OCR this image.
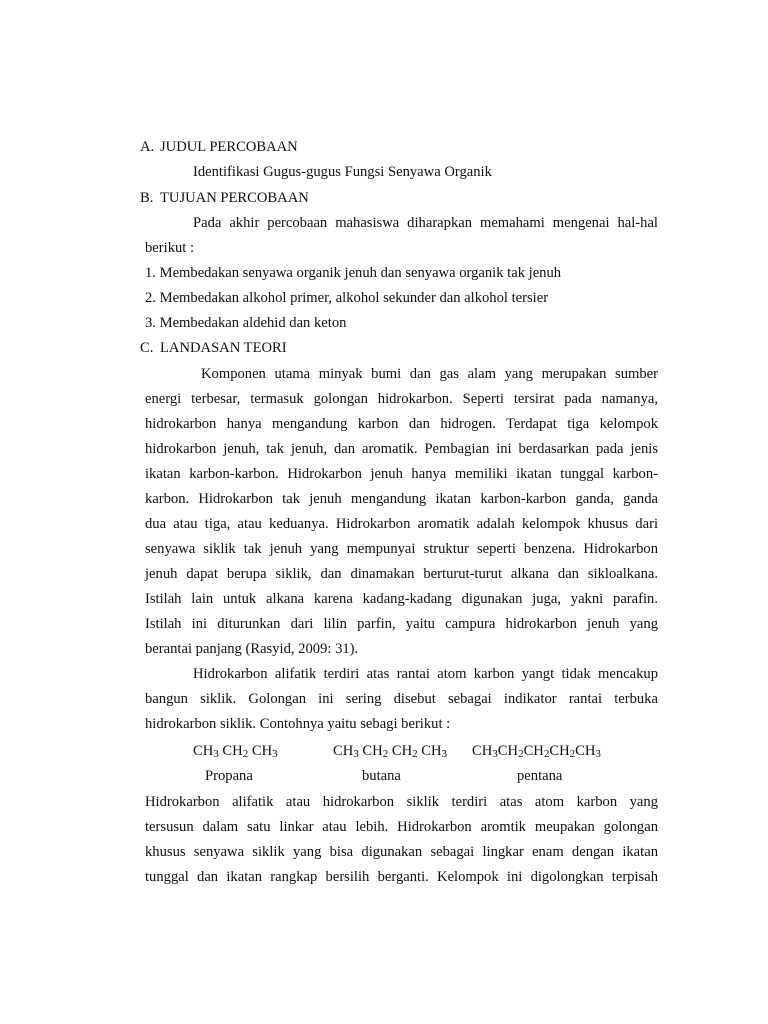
A. JUDUL PERCOBAAN
Identifikasi Gugus-gugus Fungsi Senyawa Organik
B. TUJUAN PERCOBAAN
Pada akhir percobaan mahasiswa diharapkan memahami mengenai hal-hal
berikut :
1. Membedakan senyawa organik jenuh dan senyawa organik tak jenuh
2. Membedakan alkohol primer, alkohol sekunder dan alkohol tersier
3. Membedakan aldehid dan keton
C. LANDASAN TEORI
Komponen utama minyak bumi dan gas alam yang merupakan sumber
energi terbesar, termasuk golongan hidrokarbon. Seperti tersirat pada namanya,
hidrokarbon hanya mengandung karbon dan hidrogen. Terdapat tiga kelompok
hidrokarbon jenuh, tak jenuh, dan aromatik. Pembagian ini berdasarkan pada jenis
ikatan karbon-karbon. Hidrokarbon jenuh hanya memiliki ikatan tunggal karbon-
karbon. Hidrokarbon tak jenuh mengandung ikatan karbon-karbon ganda, ganda
dua atau tiga, atau keduanya. Hidrokarbon aromatik adalah kelompok khusus dari
senyawa siklik tak jenuh yang mempunyai struktur seperti benzena. Hidrokarbon
jenuh dapat berupa siklik, dan dinamakan berturut-turut alkana dan sikloalkana.
Istilah lain untuk alkana karena kadang-kadang digunakan juga, yakni parafin.
Istilah ini diturunkan dari lilin parfin, yaitu campura hidrokarbon jenuh yang
berantai panjang (Rasyid, 2009: 31).
Hidrokarbon alifatik terdiri atas rantai atom karbon yangt tidak mencakup
bangun siklik. Golongan ini sering disebut sebagai indikator rantai terbuka
hidrokarbon siklik. Contohnya yaitu sebagi berikut :
$CH_3$ $CH_2$ $CH_3$	$CH_3$ $CH_2$ $CH_2$ $CH_3$ $CH_3CH_2CH_2CH_2CH_3$
Propana	butana	pentana
Hidrokarbon alifatik atau hidrokarbon siklik terdiri atas atom karbon yang
tersusun dalam satu linkar atau lebih. Hidrokarbon aromtik meupakan golongan
khusus senyawa siklik yang bisa digunakan sebagai lingkar enam dengan ikatan
tunggal dan ikatan rangkap bersilih berganti. Kelompok ini digolongkan terpisah
